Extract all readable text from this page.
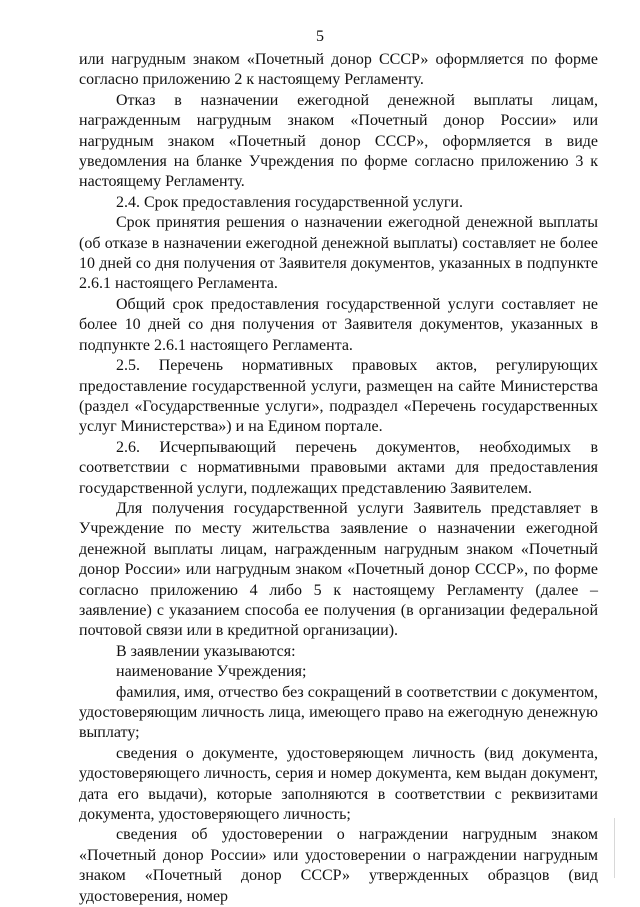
5

или нагрудным знаком «Почетный донор СССР» оформляется по форме согласно приложению 2 к настоящему Регламенту.

Отказ в назначении ежегодной денежной выплаты лицам, награжденным нагрудным знаком «Почетный донор России» или нагрудным знаком «Почетный донор СССР», оформляется в виде уведомления на бланке Учреждения по форме согласно приложению 3 к настоящему Регламенту.

2.4. Срок предоставления государственной услуги.

Срок принятия решения о назначении ежегодной денежной выплаты (об отказе в назначении ежегодной денежной выплаты) составляет не более 10 дней со дня получения от Заявителя документов, указанных в подпункте 2.6.1 настоящего Регламента.

Общий срок предоставления государственной услуги составляет не более 10 дней со дня получения от Заявителя документов, указанных в подпункте 2.6.1 настоящего Регламента.

2.5. Перечень нормативных правовых актов, регулирующих предоставление государственной услуги, размещен на сайте Министерства (раздел «Государственные услуги», подраздел «Перечень государственных услуг Министерства») и на Едином портале.

2.6. Исчерпывающий перечень документов, необходимых в соответствии с нормативными правовыми актами для предоставления государственной услуги, подлежащих представлению Заявителем.

Для получения государственной услуги Заявитель представляет в Учреждение по месту жительства заявление о назначении ежегодной денежной выплаты лицам, награжденным нагрудным знаком «Почетный донор России» или нагрудным знаком «Почетный донор СССР», по форме согласно приложению 4 либо 5 к настоящему Регламенту (далее – заявление) с указанием способа ее получения (в организации федеральной почтовой связи или в кредитной организации).

В заявлении указываются:

наименование Учреждения;

фамилия, имя, отчество без сокращений в соответствии с документом, удостоверяющим личность лица, имеющего право на ежегодную денежную выплату;

сведения о документе, удостоверяющем личность (вид документа, удостоверяющего личность, серия и номер документа, кем выдан документ, дата его выдачи), которые заполняются в соответствии с реквизитами документа, удостоверяющего личность;

сведения об удостоверении о награждении нагрудным знаком «Почетный донор России» или удостоверении о награждении нагрудным знаком «Почетный донор СССР» утвержденных образцов (вид удостоверения, номер
